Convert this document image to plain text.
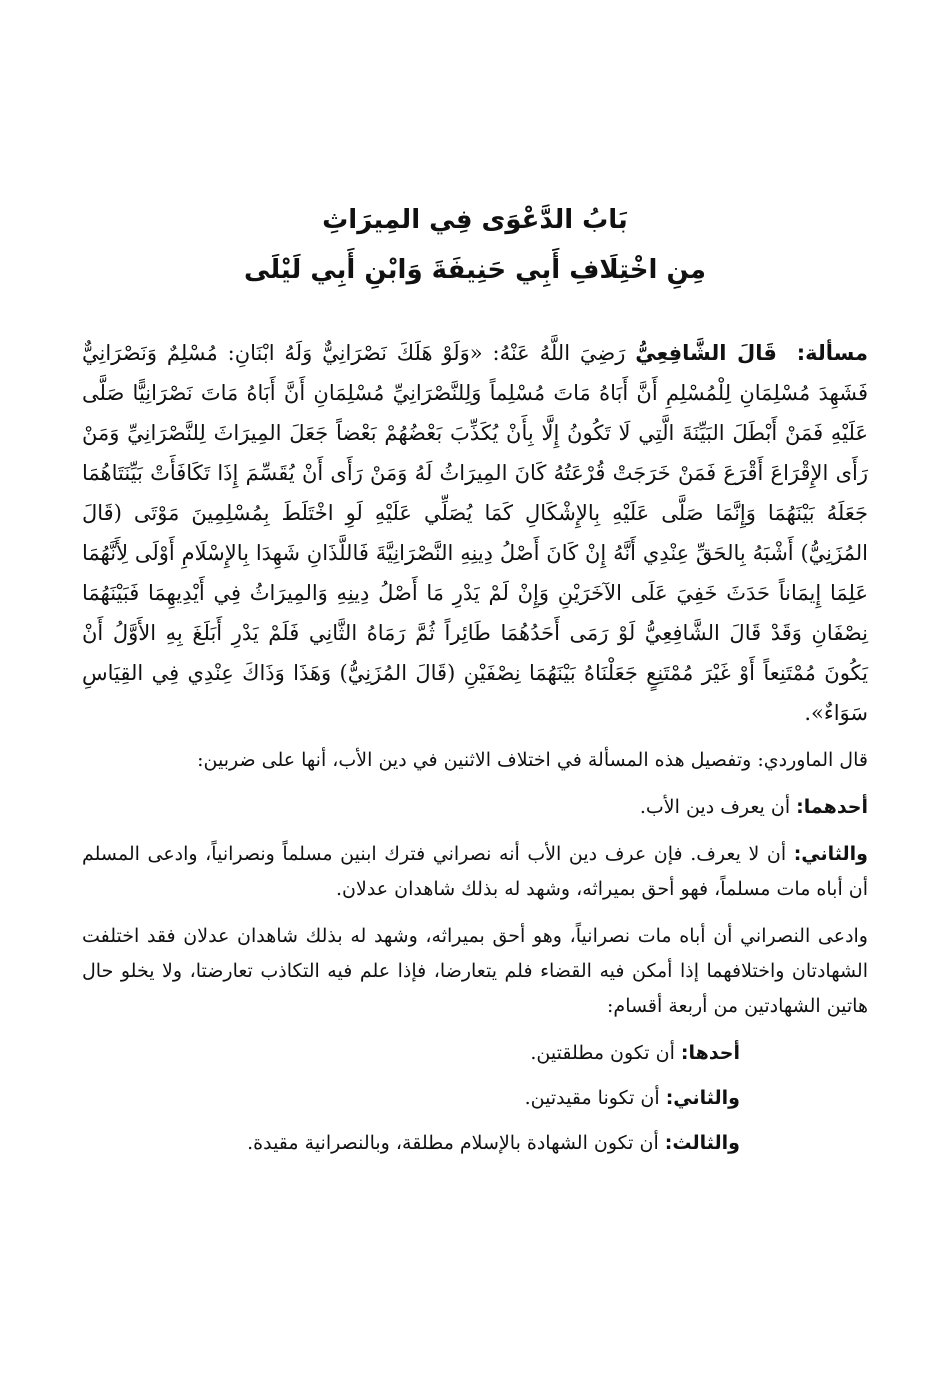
بَابُ الدَّعْوَى فِي المِيرَاثِ
مِنِ اخْتِلَافِ أَبِي حَنِيفَةَ وَابْنِ أَبِي لَيْلَى

مسألة: قَالَ الشَّافِعِيُّ رَضِيَ اللَّهُ عَنْهُ: «وَلَوْ هَلَكَ نَصْرَانِيٌّ وَلَهُ ابْنَانِ: مُسْلِمٌ وَنَصْرَانِيٌّ فَشَهِدَ مُسْلِمَانِ لِلْمُسْلِمِ أَنَّ أَبَاهُ مَاتَ مُسْلِماً وَلِلنَّصْرَانِيِّ مُسْلِمَانِ أَنَّ أَبَاهُ مَاتَ نَصْرَانِيًّا صَلَّى عَلَيْهِ فَمَنْ أَبْطَلَ البَيِّنَةَ الَّتِي لَا تَكُونُ إِلَّا بِأَنْ يُكَذِّبَ بَعْضُهُمْ بَعْضاً جَعَلَ المِيرَاثَ لِلنَّصْرَانِيِّ وَمَنْ رَأَى الإِقْرَاعَ أَقْرَعَ فَمَنْ خَرَجَتْ قُرْعَتُهُ كَانَ المِيرَاثُ لَهُ وَمَنْ رَأَى أَنْ يُقَسِّمَ إِذَا تَكَافَأَتْ بَيِّنَتَاهُمَا جَعَلَهُ بَيْنَهُمَا وَإِنَّمَا صَلَّى عَلَيْهِ بِالإِشْكَالِ كَمَا يُصَلِّي عَلَيْهِ لَوِ اخْتَلَطَ بِمُسْلِمِينَ مَوْتَى (قَالَ المُزَنِيُّ) أَشْبَهُ بِالحَقِّ عِنْدِي أَنَّهُ إِنْ كَانَ أَصْلُ دِينِهِ النَّصْرَانِيَّةَ فَاللَّذَانِ شَهِدَا بِالإِسْلَامِ أَوْلَى لِأَنَّهُمَا عَلِمَا إِيمَاناً حَدَثَ خَفِيَ عَلَى الآخَرَيْنِ وَإِنْ لَمْ يَدْرِ مَا أَصْلُ دِينِهِ وَالمِيرَاثُ فِي أَيْدِيهِمَا فَبَيْنَهُمَا نِصْفَانِ وَقَدْ قَالَ الشَّافِعِيُّ لَوْ رَمَى أَحَدُهُمَا طَائِراً ثُمَّ رَمَاهُ الثَّانِي فَلَمْ يَدْرِ أَبَلَغَ بِهِ الأَوَّلُ أَنْ يَكُونَ مُمْتَنِعاً أَوْ غَيْرَ مُمْتَنِعٍ جَعَلْنَاهُ بَيْنَهُمَا نِصْفَيْنِ (قَالَ المُزَنِيُّ) وَهَذَا وَذَاكَ عِنْدِي فِي القِيَاسِ سَوَاءٌ».

قال الماوردي: وتفصيل هذه المسألة في اختلاف الاثنين في دين الأب، أنها على ضربين:

أحدهما: أن يعرف دين الأب.

والثاني: أن لا يعرف. فإن عرف دين الأب أنه نصراني فترك ابنين مسلماً ونصرانياً، وادعى المسلم أن أباه مات مسلماً، فهو أحق بميراثه، وشهد له بذلك شاهدان عدلان.

وادعى النصراني أن أباه مات نصرانياً، وهو أحق بميراثه، وشهد له بذلك شاهدان عدلان فقد اختلفت الشهادتان واختلافهما إذا أمكن فيه القضاء فلم يتعارضا، فإذا علم فيه التكاذب تعارضتا، ولا يخلو حال هاتين الشهادتين من أربعة أقسام:

أحدها: أن تكون مطلقتين.

والثاني: أن تكونا مقيدتين.

والثالث: أن تكون الشهادة بالإسلام مطلقة، وبالنصرانية مقيدة.
